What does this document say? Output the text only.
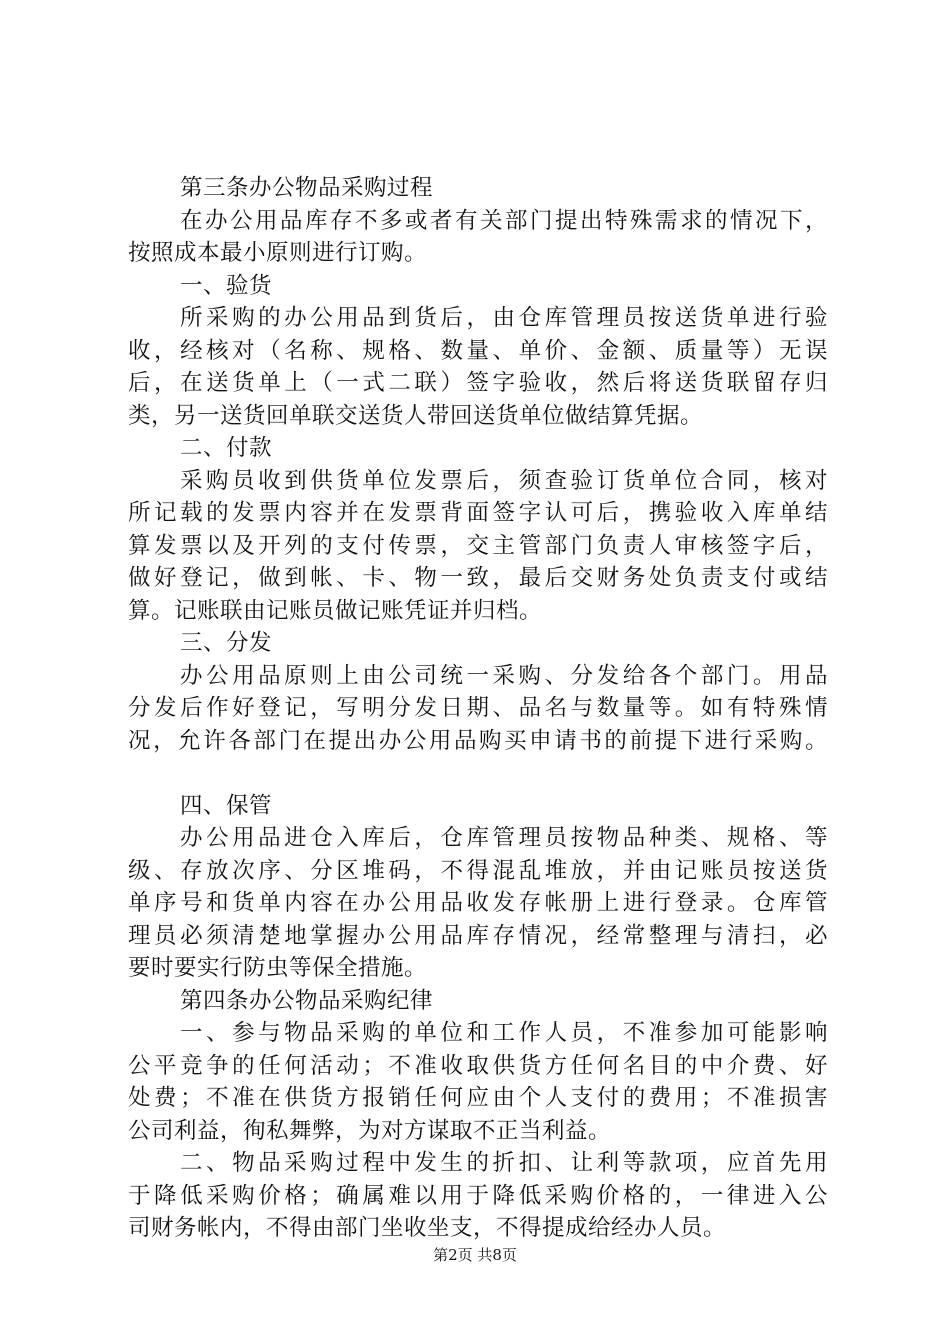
第三条办公物品采购过程
在办公用品库存不多或者有关部门提出特殊需求的情况下，
按照成本最小原则进行订购。
一、验货
所采购的办公用品到货后，由仓库管理员按送货单进行验
收，经核对（名称、规格、数量、单价、金额、质量等）无误
后，在送货单上（一式二联）签字验收，然后将送货联留存归
类，另一送货回单联交送货人带回送货单位做结算凭据。
二、付款
采购员收到供货单位发票后，须查验订货单位合同，核对
所记载的发票内容并在发票背面签字认可后，携验收入库单结
算发票以及开列的支付传票，交主管部门负责人审核签字后，
做好登记，做到帐、卡、物一致，最后交财务处负责支付或结
算。记账联由记账员做记账凭证并归档。
三、分发
办公用品原则上由公司统一采购、分发给各个部门。用品
分发后作好登记，写明分发日期、品名与数量等。如有特殊情
况，允许各部门在提出办公用品购买申请书的前提下进行采购。
四、保管
办公用品进仓入库后，仓库管理员按物品种类、规格、等
级、存放次序、分区堆码，不得混乱堆放，并由记账员按送货
单序号和货单内容在办公用品收发存帐册上进行登录。仓库管
理员必须清楚地掌握办公用品库存情况，经常整理与清扫，必
要时要实行防虫等保全措施。
第四条办公物品采购纪律
一、参与物品采购的单位和工作人员，不准参加可能影响
公平竞争的任何活动；不准收取供货方任何名目的中介费、好
处费；不准在供货方报销任何应由个人支付的费用；不准损害
公司利益，徇私舞弊，为对方谋取不正当利益。
二、物品采购过程中发生的折扣、让利等款项，应首先用
于降低采购价格；确属难以用于降低采购价格的，一律进入公
司财务帐内，不得由部门坐收坐支，不得提成给经办人员。
第2页 共8页
